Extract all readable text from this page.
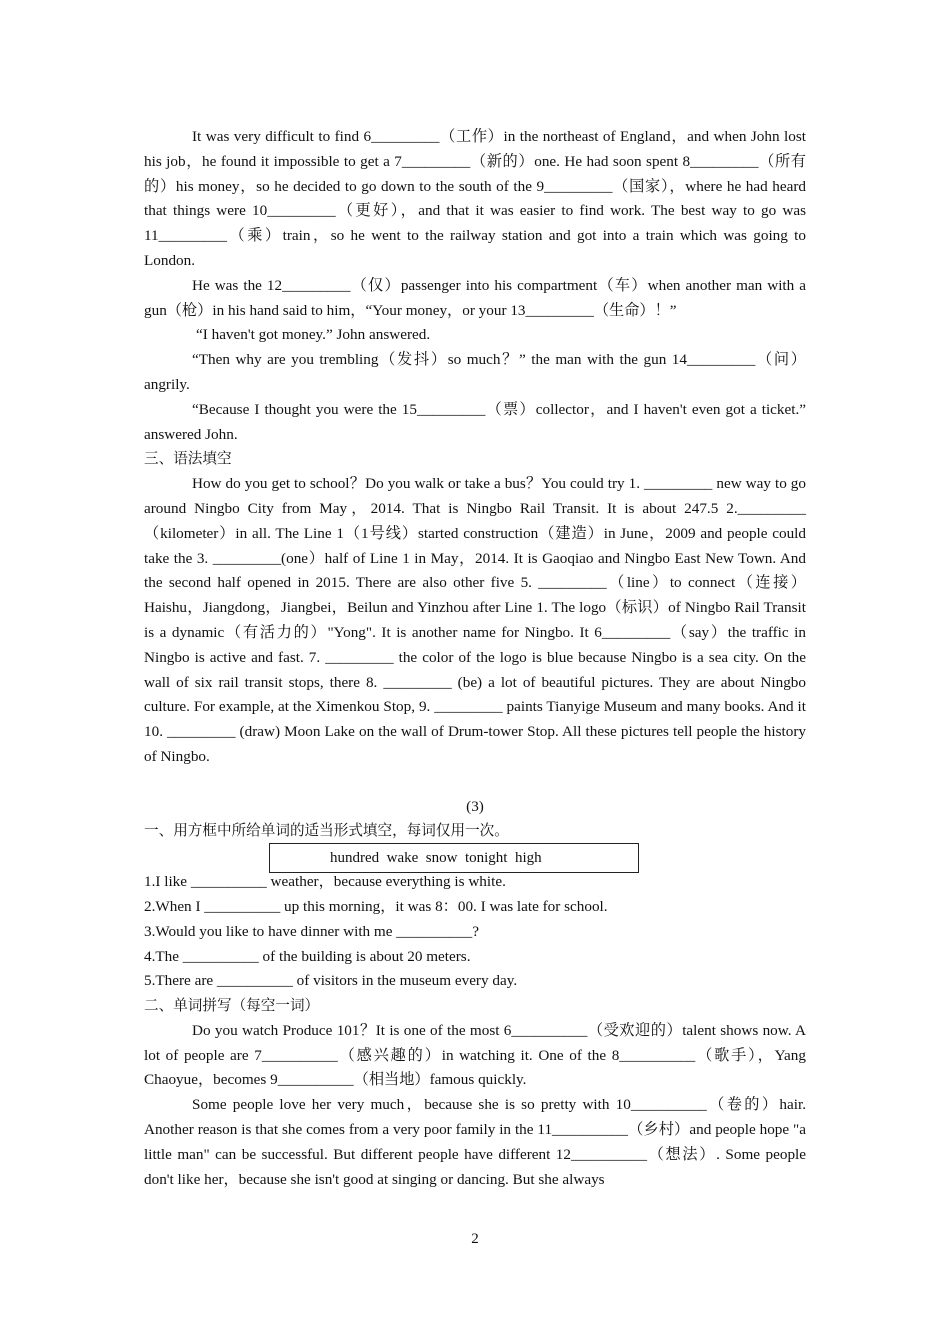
It was very difficult to find 6_________（工作）in the northeast of England，and when John lost his job，he found it impossible to get a 7_________（新的）one. He had soon spent 8_________（所有的）his money，so he decided to go down to the south of the 9_________（国家），where he had heard that things were 10_________（更好），and that it was easier to find work. The best way to go was 11_________（乘）train，so he went to the railway station and got into a train which was going to London.

He was the 12_________（仅）passenger into his compartment（车）when another man with a gun（枪）in his hand said to him，“Your money，or your 13_________（生命）！”

“I haven't got money.” John answered.

“Then why are you trembling（发抖）so much？” the man with the gun 14_________（问）angrily.

“Because I thought you were the 15_________（票）collector，and I haven't even got a ticket.” answered John.

三、语法填空

How do you get to school？Do you walk or take a bus？You could try 1. _________ new way to go around Ningbo City from May，2014. That is Ningbo Rail Transit. It is about 247.5 2._________（kilometer）in all. The Line 1（1号线）started construction（建造）in June，2009 and people could take the 3. _________(one）half of Line 1 in May，2014. It is Gaoqiao and Ningbo East New Town. And the second half opened in 2015. There are also other five 5. _________（line）to connect（连接）Haishu，Jiangdong，Jiangbei，Beilun and Yinzhou after Line 1. The logo（标识）of Ningbo Rail Transit is a dynamic（有活力的）"Yong". It is another name for Ningbo. It 6_________（say）the traffic in Ningbo is active and fast. 7. _________ the color of the logo is blue because Ningbo is a sea city. On the wall of six rail transit stops, there 8. _________ (be) a lot of beautiful pictures. They are about Ningbo culture. For example, at the Ximenkou Stop, 9. _________ paints Tianyige Museum and many books. And it 10. _________ (draw) Moon Lake on the wall of Drum-tower Stop. All these pictures tell people the history of Ningbo.

(3)

一、用方框中所给单词的适当形式填空，每词仅用一次。

hundred  wake  snow  tonight  high

1.I like __________ weather，because everything is white.

2.When I __________ up this morning，it was 8：00. I was late for school.

3.Would you like to have dinner with me __________?

4.The __________ of the building is about 20 meters.

5.There are __________ of visitors in the museum every day.

二、单词拼写（每空一词）

Do you watch Produce 101？It is one of the most 6__________（受欢迎的）talent shows now. A lot of people are 7__________（感兴趣的）in watching it. One of the 8__________（歌手），Yang Chaoyue，becomes 9__________（相当地）famous quickly.

Some people love her very much，because she is so pretty with 10__________（卷的）hair. Another reason is that she comes from a very poor family in the 11__________（乡村）and people hope "a little man" can be successful. But different people have different 12__________（想法）. Some people don't like her，because she isn't good at singing or dancing. But she always

2
